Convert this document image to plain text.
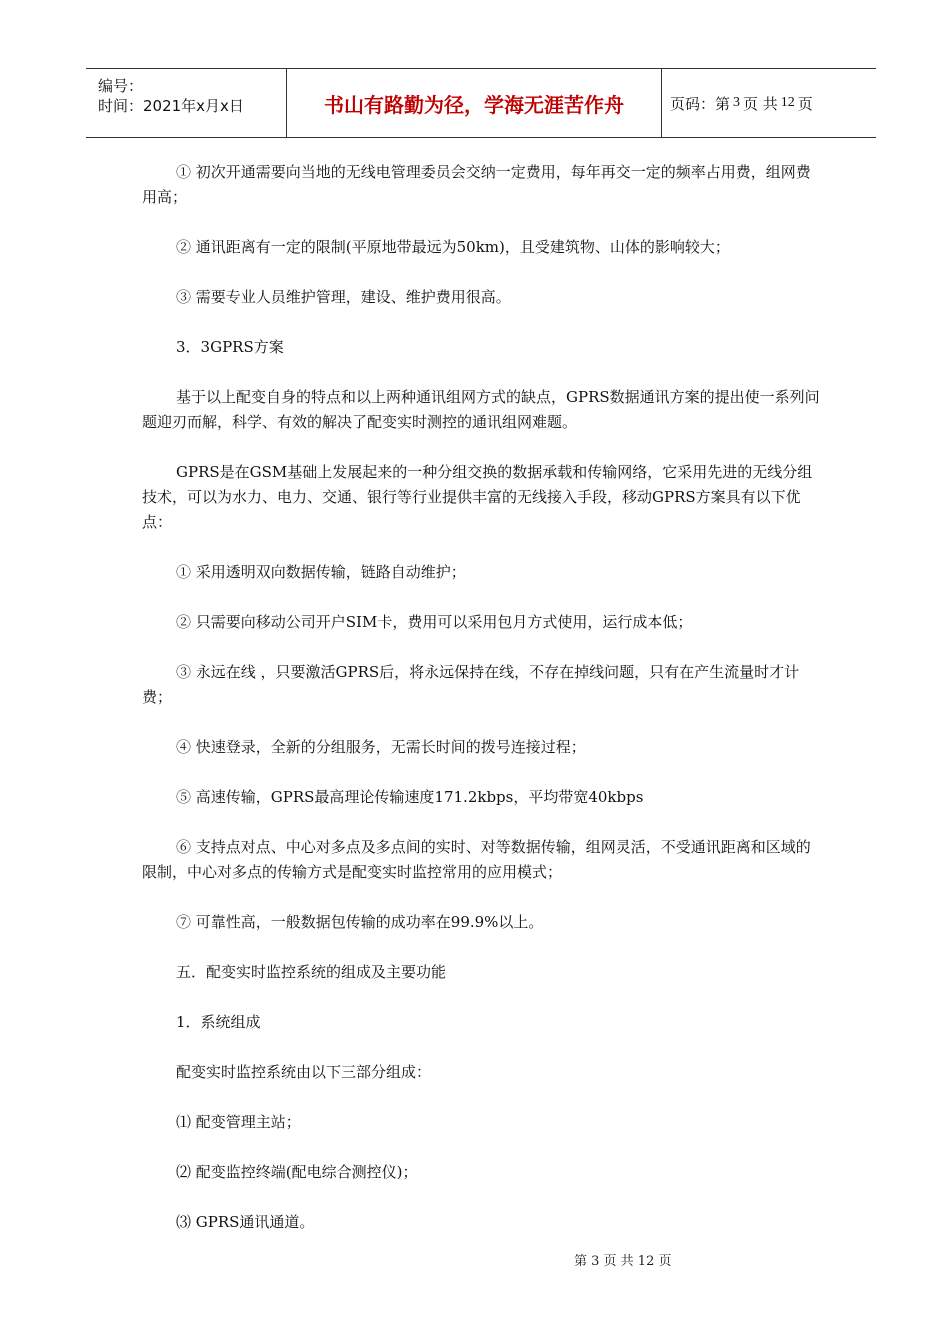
编号：
时间：2021年x月x日	书山有路勤为径，学海无涯苦作舟	页码：第 3 页 共 12 页

① 初次开通需要向当地的无线电管理委员会交纳一定费用，每年再交一定的频率占用费，组网费用高；

② 通讯距离有一定的限制(平原地带最远为50km)，且受建筑物、山体的影响较大；

③ 需要专业人员维护管理，建设、维护费用很高。

3．3GPRS方案

基于以上配变自身的特点和以上两种通讯组网方式的缺点，GPRS数据通讯方案的提出使一系列问题迎刃而解，科学、有效的解决了配变实时测控的通讯组网难题。

GPRS是在GSM基础上发展起来的一种分组交换的数据承载和传输网络，它采用先进的无线分组技术，可以为水力、电力、交通、银行等行业提供丰富的无线接入手段，移动GPRS方案具有以下优点：

① 采用透明双向数据传输，链路自动维护；

② 只需要向移动公司开户SIM卡，费用可以采用包月方式使用，运行成本低；

③ 永远在线 ，只要激活GPRS后，将永远保持在线，不存在掉线问题，只有在产生流量时才计费；

④ 快速登录，全新的分组服务，无需长时间的拨号连接过程；

⑤ 高速传输，GPRS最高理论传输速度171.2kbps，平均带宽40kbps

⑥ 支持点对点、中心对多点及多点间的实时、对等数据传输，组网灵活，不受通讯距离和区域的限制，中心对多点的传输方式是配变实时监控常用的应用模式；

⑦ 可靠性高，一般数据包传输的成功率在99.9%以上。

五．配变实时监控系统的组成及主要功能

1．系统组成

配变实时监控系统由以下三部分组成：

⑴ 配变管理主站；

⑵ 配变监控终端(配电综合测控仪)；

⑶ GPRS通讯通道。

第 3 页 共 12 页
